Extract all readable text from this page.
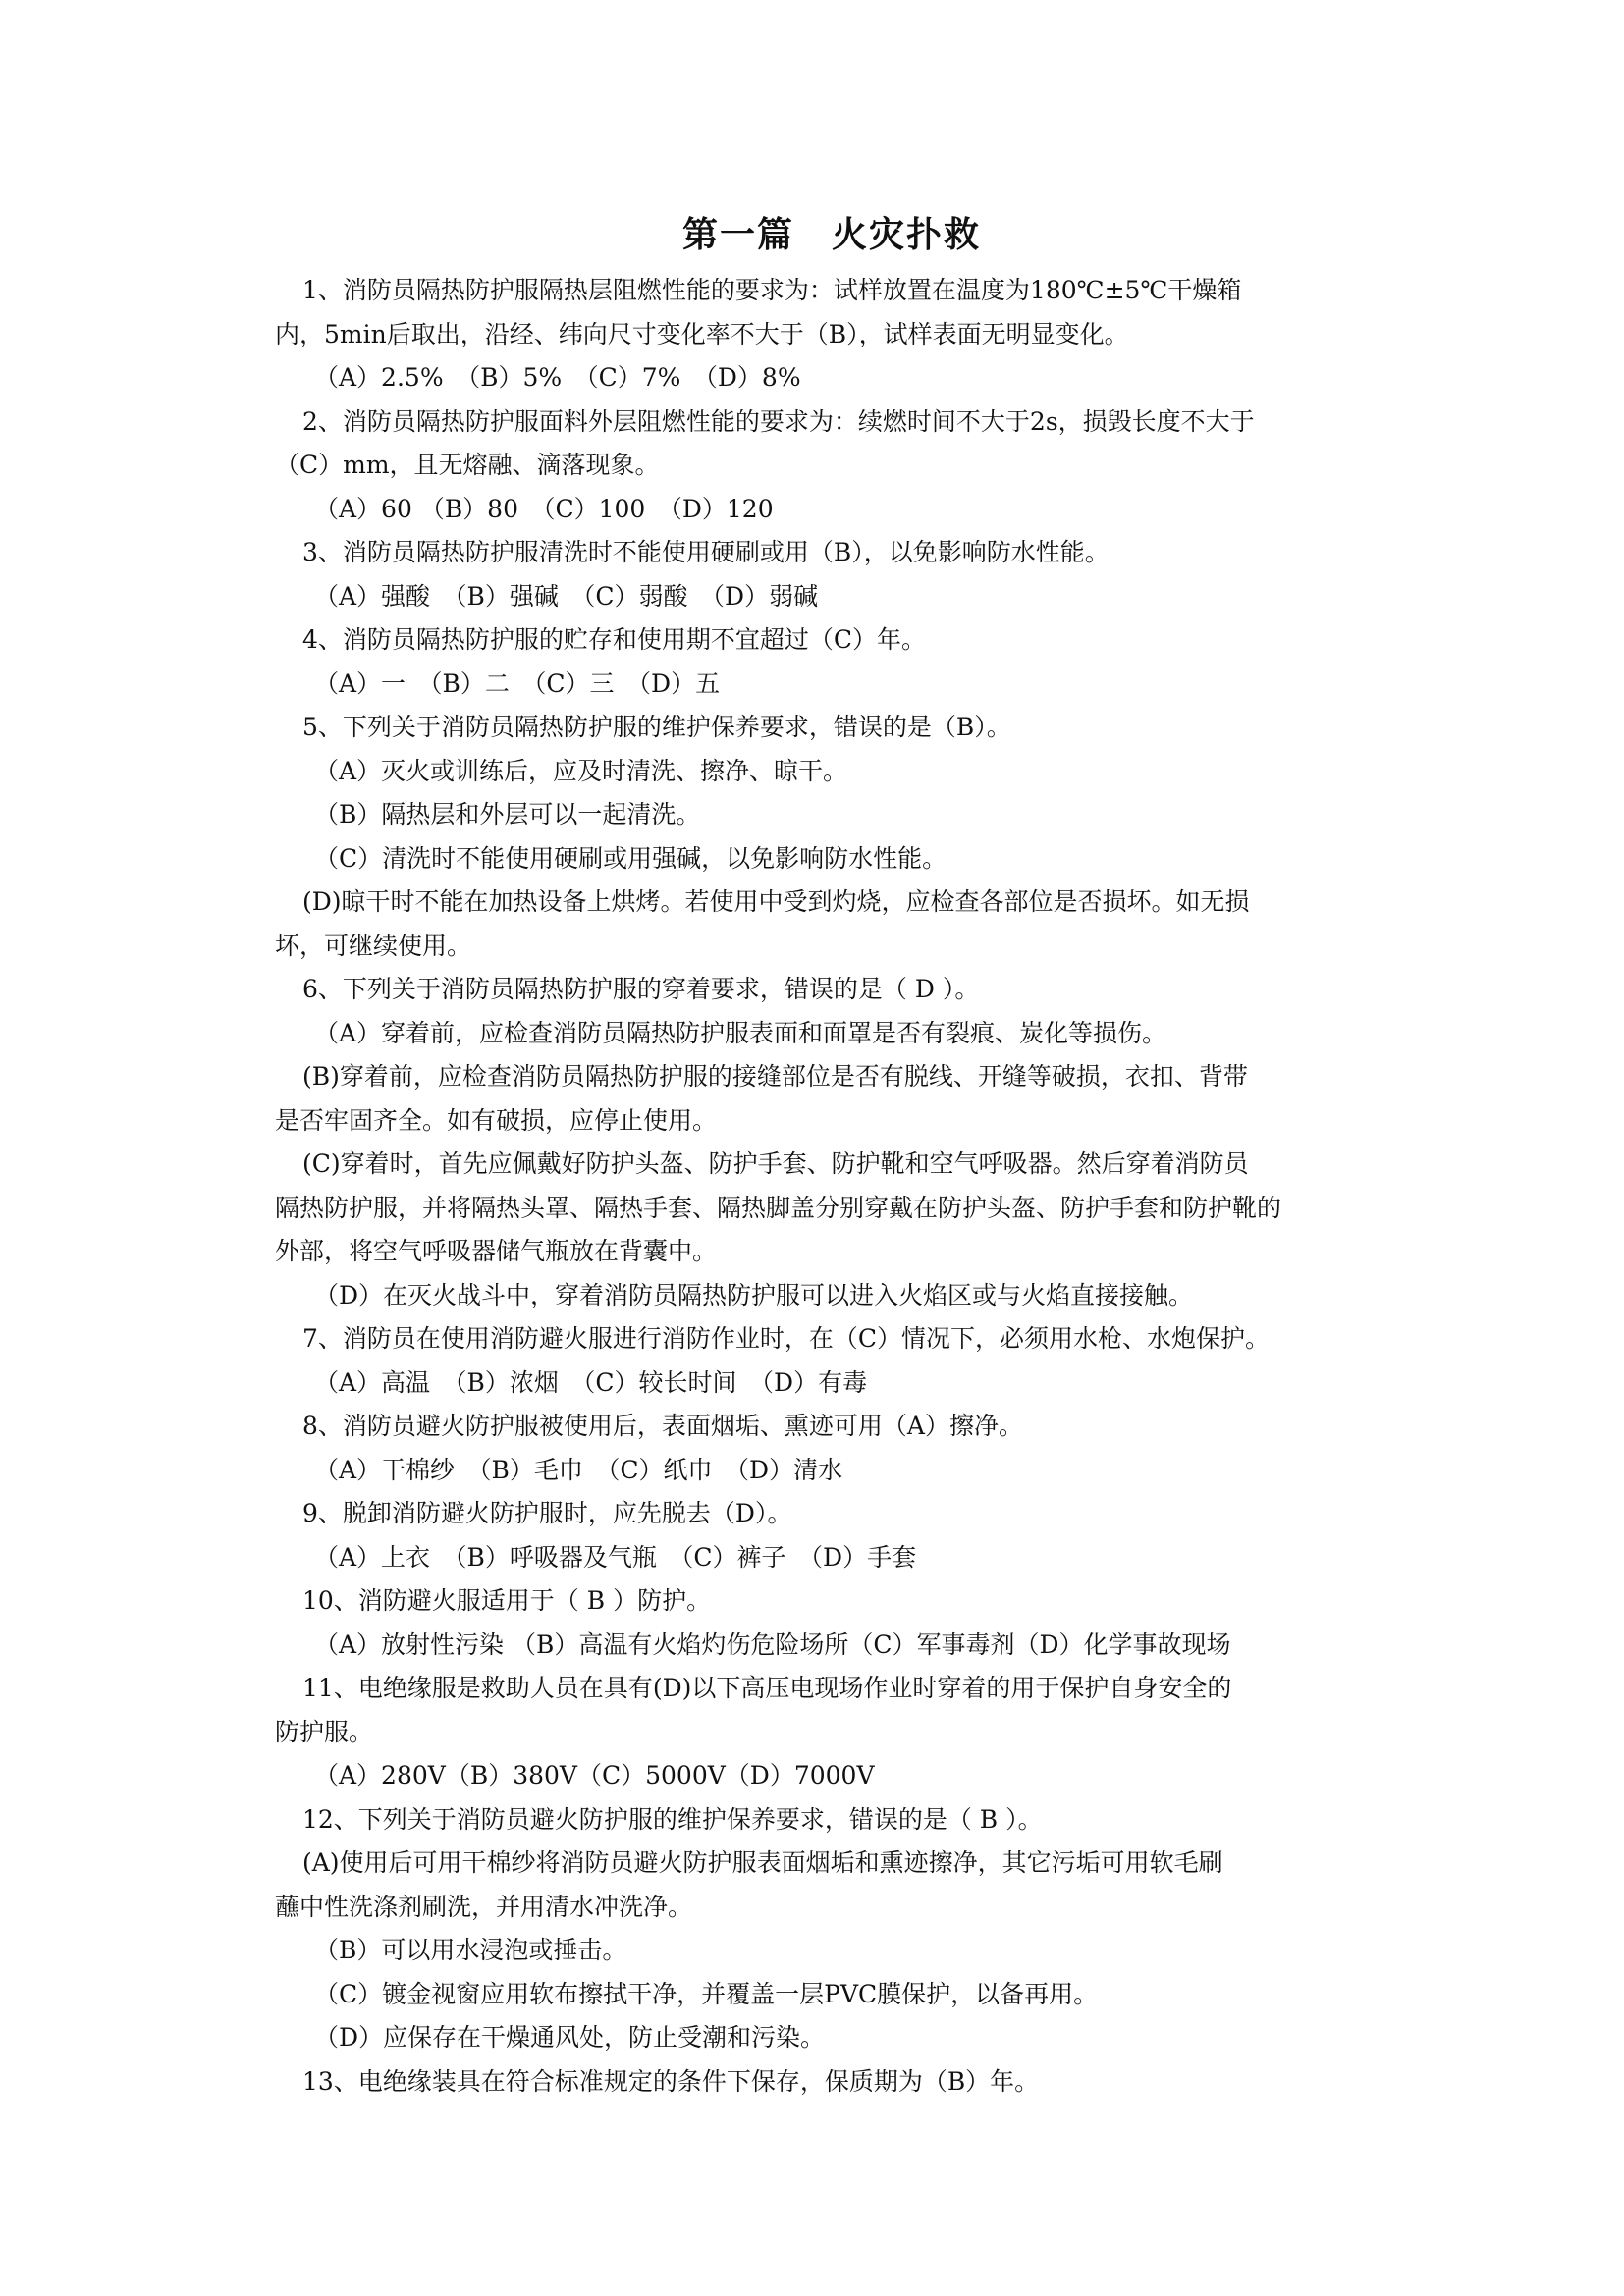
第一篇　火灾扑救
1、消防员隔热防护服隔热层阻燃性能的要求为：试样放置在温度为180℃±5℃干燥箱
内，5min后取出，沿经、纬向尺寸变化率不大于（B），试样表面无明显变化。
（A）2.5%　（B）5%　（C）7%　（D）8%
2、消防员隔热防护服面料外层阻燃性能的要求为：续燃时间不大于2s，损毁长度不大于
（C）mm，且无熔融、滴落现象。
（A）60 （B）80　（C）100　（D）120
3、消防员隔热防护服清洗时不能使用硬刷或用（B），以免影响防水性能。
（A）强酸　（B）强碱　（C）弱酸　（D）弱碱
4、消防员隔热防护服的贮存和使用期不宜超过（C）年。
（A）一　（B）二　（C）三　（D）五
5、下列关于消防员隔热防护服的维护保养要求，错误的是（B）。
（A）灭火或训练后，应及时清洗、擦净、晾干。
（B）隔热层和外层可以一起清洗。
（C）清洗时不能使用硬刷或用强碱，以免影响防水性能。
(D)晾干时不能在加热设备上烘烤。若使用中受到灼烧，应检查各部位是否损坏。如无损
坏，可继续使用。
6、下列关于消防员隔热防护服的穿着要求，错误的是（ D ）。
（A）穿着前，应检查消防员隔热防护服表面和面罩是否有裂痕、炭化等损伤。
(B)穿着前，应检查消防员隔热防护服的接缝部位是否有脱线、开缝等破损，衣扣、背带
是否牢固齐全。如有破损，应停止使用。
(C)穿着时，首先应佩戴好防护头盔、防护手套、防护靴和空气呼吸器。然后穿着消防员
隔热防护服，并将隔热头罩、隔热手套、隔热脚盖分别穿戴在防护头盔、防护手套和防护靴的
外部，将空气呼吸器储气瓶放在背囊中。
（D）在灭火战斗中，穿着消防员隔热防护服可以进入火焰区或与火焰直接接触。
7、消防员在使用消防避火服进行消防作业时，在（C）情况下，必须用水枪、水炮保护。
（A）高温　（B）浓烟　（C）较长时间　（D）有毒
8、消防员避火防护服被使用后，表面烟垢、熏迹可用（A）擦净。
（A）干棉纱　（B）毛巾　（C）纸巾　（D）清水
9、脱卸消防避火防护服时，应先脱去（D）。
（A）上衣　（B）呼吸器及气瓶　（C）裤子　（D）手套
10、消防避火服适用于（ B ）防护。
（A）放射性污染 （B）高温有火焰灼伤危险场所（C）军事毒剂（D）化学事故现场
11、电绝缘服是救助人员在具有(D)以下高压电现场作业时穿着的用于保护自身安全的
防护服。
（A）280V（B）380V（C）5000V（D）7000V
12、下列关于消防员避火防护服的维护保养要求，错误的是（ B ）。
(A)使用后可用干棉纱将消防员避火防护服表面烟垢和熏迹擦净，其它污垢可用软毛刷
蘸中性洗涤剂刷洗，并用清水冲洗净。
（B）可以用水浸泡或捶击。
（C）镀金视窗应用软布擦拭干净，并覆盖一层PVC膜保护，以备再用。
（D）应保存在干燥通风处，防止受潮和污染。
13、电绝缘装具在符合标准规定的条件下保存，保质期为（B）年。
